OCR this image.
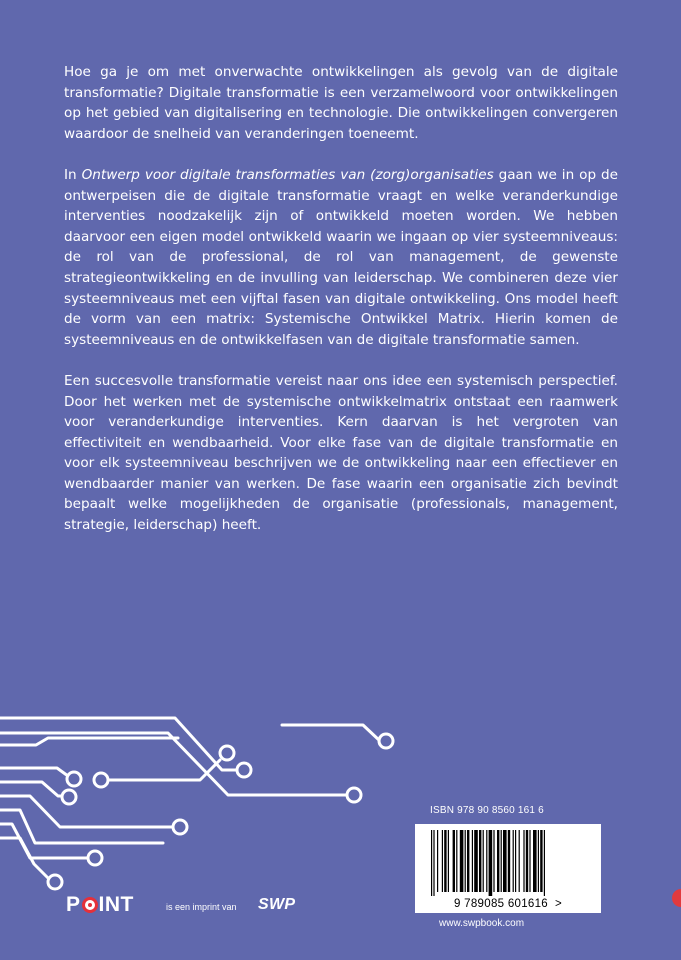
Hoe ga je om met onverwachte ontwikkelingen als gevolg van de digitale transformatie? Digitale transformatie is een verzamelwoord voor ontwikkelingen op het gebied van digitalisering en technologie. Die ontwikkelingen convergeren waardoor de snelheid van veranderingen toeneemt.

In Ontwerp voor digitale transformaties van (zorg)organisaties gaan we in op de ontwerpeisen die de digitale transformatie vraagt en welke veranderkundige interventies noodzakelijk zijn of ontwikkeld moeten worden. We hebben daarvoor een eigen model ontwikkeld waarin we ingaan op vier systeemniveaus: de rol van de professional, de rol van management, de gewenste strategieontwikkeling en de invulling van leiderschap. We combineren deze vier systeemniveaus met een vijftal fasen van digitale ontwikkeling. Ons model heeft de vorm van een matrix: Systemische Ontwikkel Matrix. Hierin komen de systeemniveaus en de ontwikkelfasen van de digitale transformatie samen.

Een succesvolle transformatie vereist naar ons idee een systemisch perspectief. Door het werken met de systemische ontwikkelmatrix ontstaat een raamwerk voor veranderkundige interventies. Kern daarvan is het vergroten van effectiviteit en wendbaarheid. Voor elke fase van de digitale transformatie en voor elk systeemniveau beschrijven we de ontwikkeling naar een effectiever en wendbaarder manier van werken. De fase waarin een organisatie zich bevindt bepaalt welke mogelijkheden de organisatie (professionals, management, strategie, leiderschap) heeft.

ISBN 978 90 8560 161 6
9 789085 601616  >
www.swpbook.com
P INT	is een imprint van SWP
